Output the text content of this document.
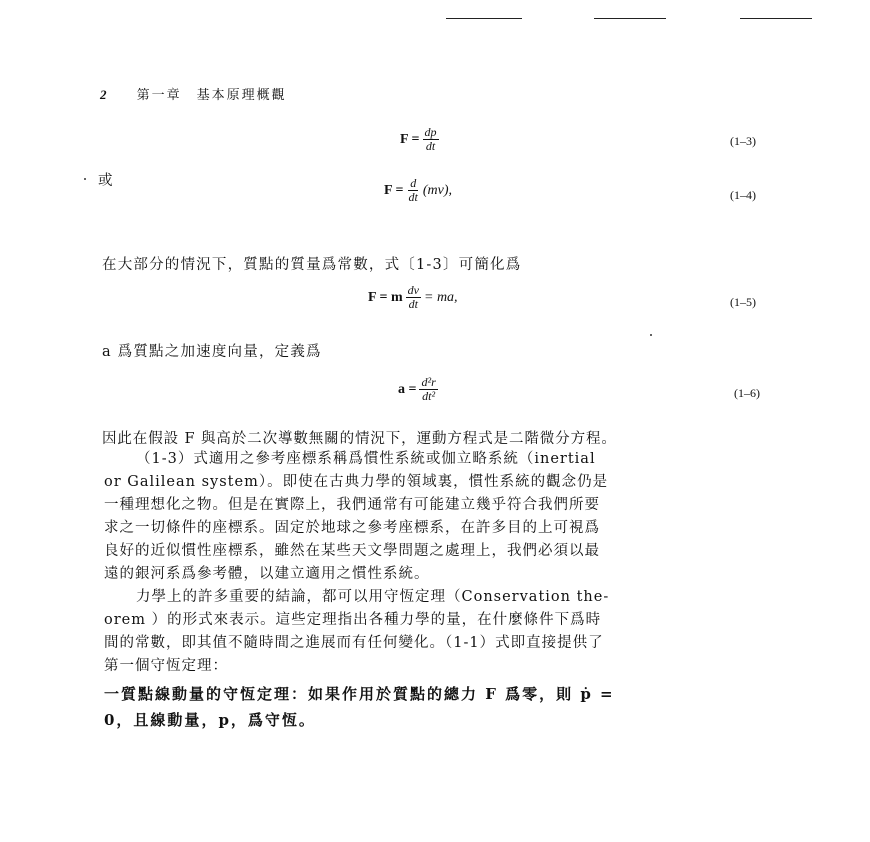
2 第一章　基本原理概觀
$F = \frac{dp}{dt}$	(1–3)
或
$F = \frac{d}{dt} (mv)$,	(1–4)
在大部分的情況下，質點的質量爲常數，式〔1-3〕可簡化爲
F = m $\frac{dv}{dt}$ = ma,	(1–5)
a 爲質點之加速度向量，定義爲
$a = \frac{\text{d²r}}{\text{dt²}}$	(1–6)
因此在假設 F 與高於二次導數無關的情況下，運動方程式是二階微分方程。

（1-3）式適用之參考座標系稱爲慣性系統或伽立略系統（inertial

or Galilean system）。即使在古典力學的領域裏，慣性系統的觀念仍是

一種理想化之物。但是在實際上，我們通常有可能建立幾乎符合我們所要

求之一切條件的座標系。固定於地球之參考座標系，在許多目的上可視爲

良好的近似慣性座標系，雖然在某些天文學問題之處理上，我們必須以最

遠的銀河系爲參考體，以建立適用之慣性系統。

力學上的許多重要的結論，都可以用守恆定理（Conservation the-

orem ）的形式來表示。這些定理指出各種力學的量，在什麼條件下爲時

間的常數，即其值不隨時間之進展而有任何變化。（1-1）式即直接提供了

第一個守恆定理：

一質點線動量的守恆定理：如果作用於質點的總力 F 爲零，則 ṗ =

0，且線動量，p，爲守恆。
